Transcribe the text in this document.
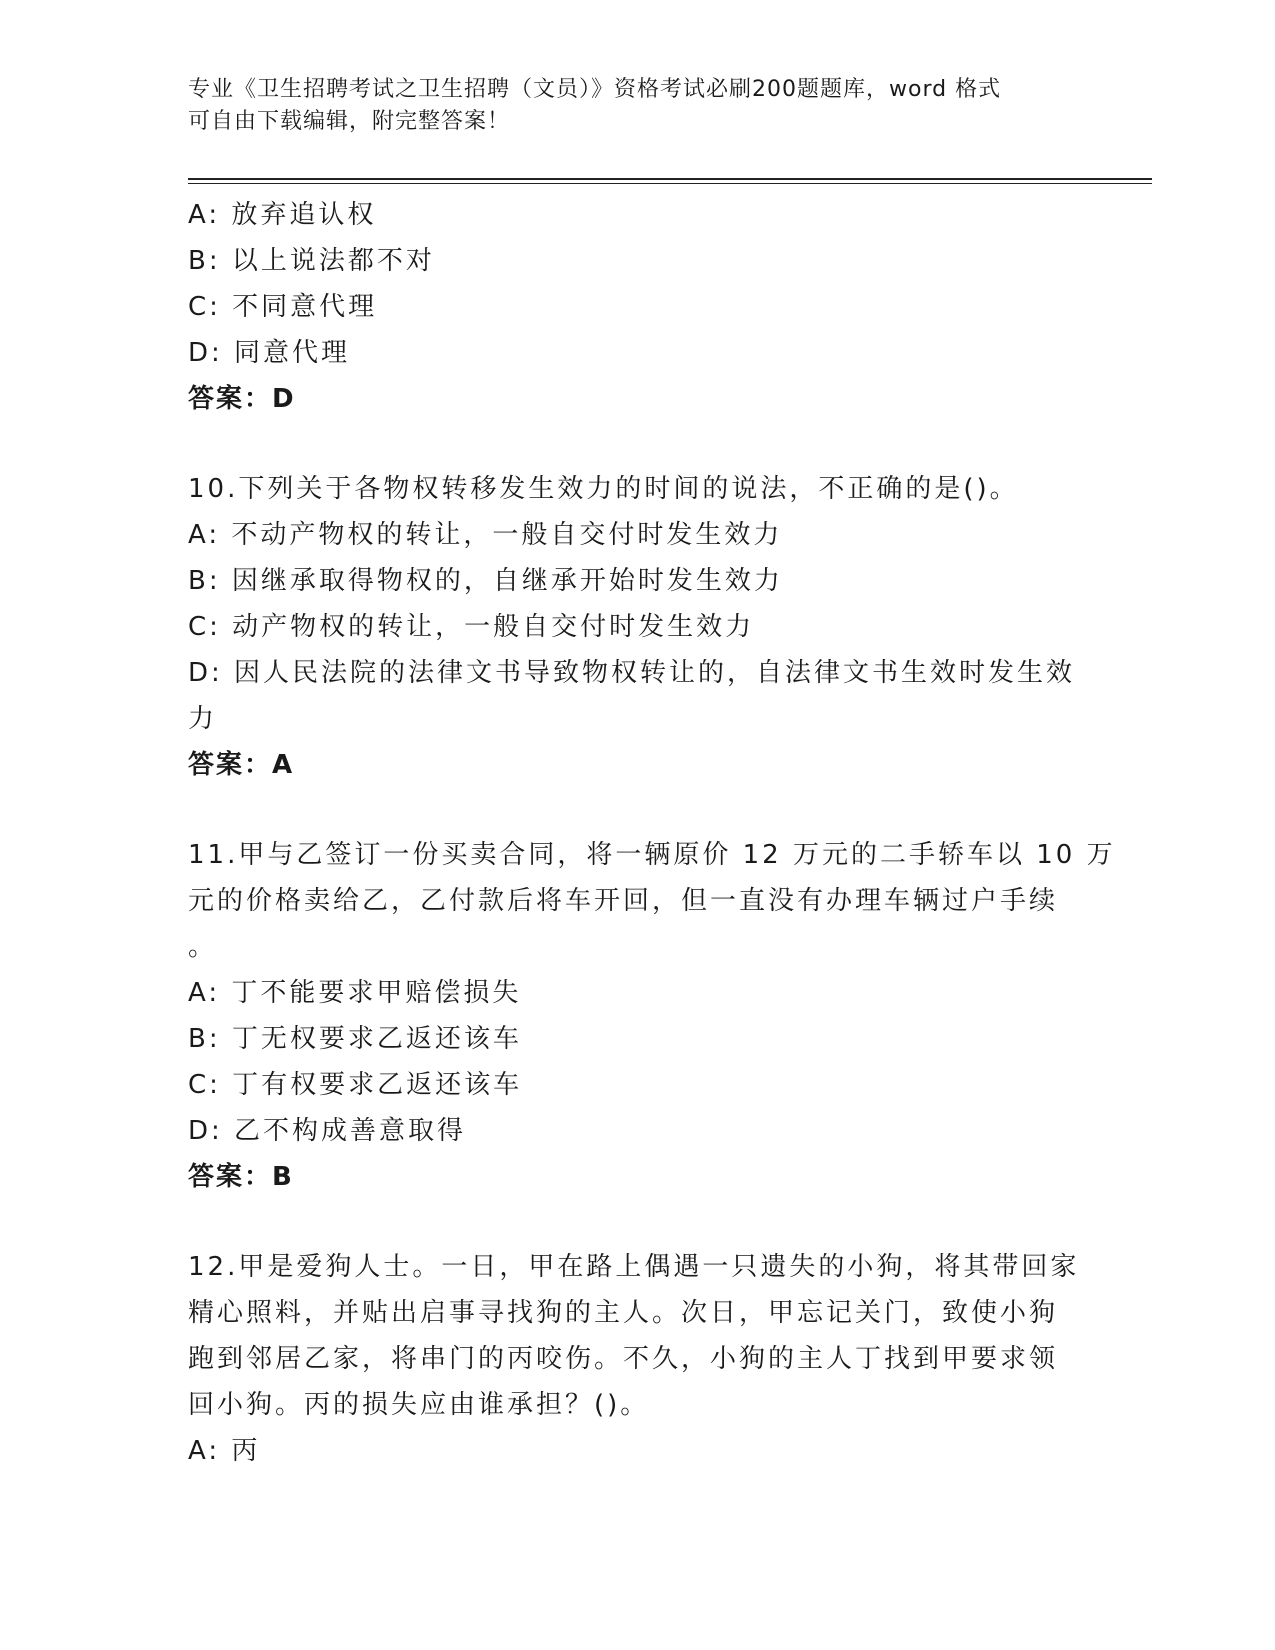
专业《卫生招聘考试之卫生招聘（文员）》资格考试必刷200题题库，word 格式
可自由下载编辑，附完整答案！
A: 放弃追认权
B: 以上说法都不对
C: 不同意代理
D: 同意代理
答案：D
10.下列关于各物权转移发生效力的时间的说法，不正确的是()。
A: 不动产物权的转让，一般自交付时发生效力
B: 因继承取得物权的，自继承开始时发生效力
C: 动产物权的转让，一般自交付时发生效力
D: 因人民法院的法律文书导致物权转让的，自法律文书生效时发生效
力
答案：A
11.甲与乙签订一份买卖合同，将一辆原价 12 万元的二手轿车以 10 万
元的价格卖给乙，乙付款后将车开回，但一直没有办理车辆过户手续
。
A: 丁不能要求甲赔偿损失
B: 丁无权要求乙返还该车
C: 丁有权要求乙返还该车
D: 乙不构成善意取得
答案：B
12.甲是爱狗人士。一日，甲在路上偶遇一只遗失的小狗，将其带回家
精心照料，并贴出启事寻找狗的主人。次日，甲忘记关门，致使小狗
跑到邻居乙家，将串门的丙咬伤。不久，小狗的主人丁找到甲要求领
回小狗。丙的损失应由谁承担？()。
A: 丙
